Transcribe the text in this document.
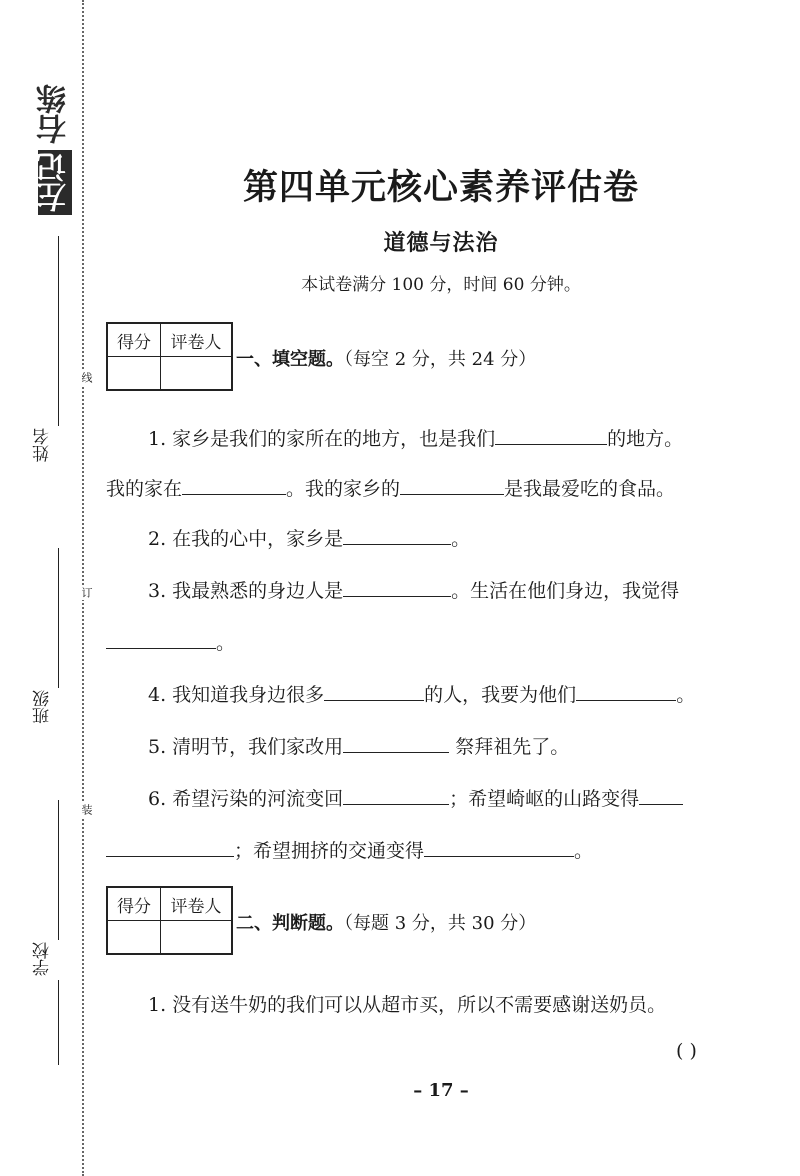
右练
左记
姓名
班级
学校
线
订
装
第四单元核心素养评估卷
道德与法治
本试卷满分 100 分，时间 60 分钟。
得分	评卷人

一、填空题。（每空 2 分，共 24 分）
1. 家乡是我们的家所在的地方，也是我们	的地方。
我的家在	。我的家乡的	是我最爱吃的食品。
2. 在我的心中，家乡是	。
3. 我最熟悉的身边人是	。生活在他们身边，我觉得
。
4. 我知道我身边很多	的人，我要为他们	。
5. 清明节，我们家改用	祭拜祖先了。
6. 希望污染的河流变回	；希望崎岖的山路变得
；希望拥挤的交通变得	。
得分	评卷人

二、判断题。（每题 3 分，共 30 分）
1. 没有送牛奶的我们可以从超市买，所以不需要感谢送奶员。
( )
– 17 –
